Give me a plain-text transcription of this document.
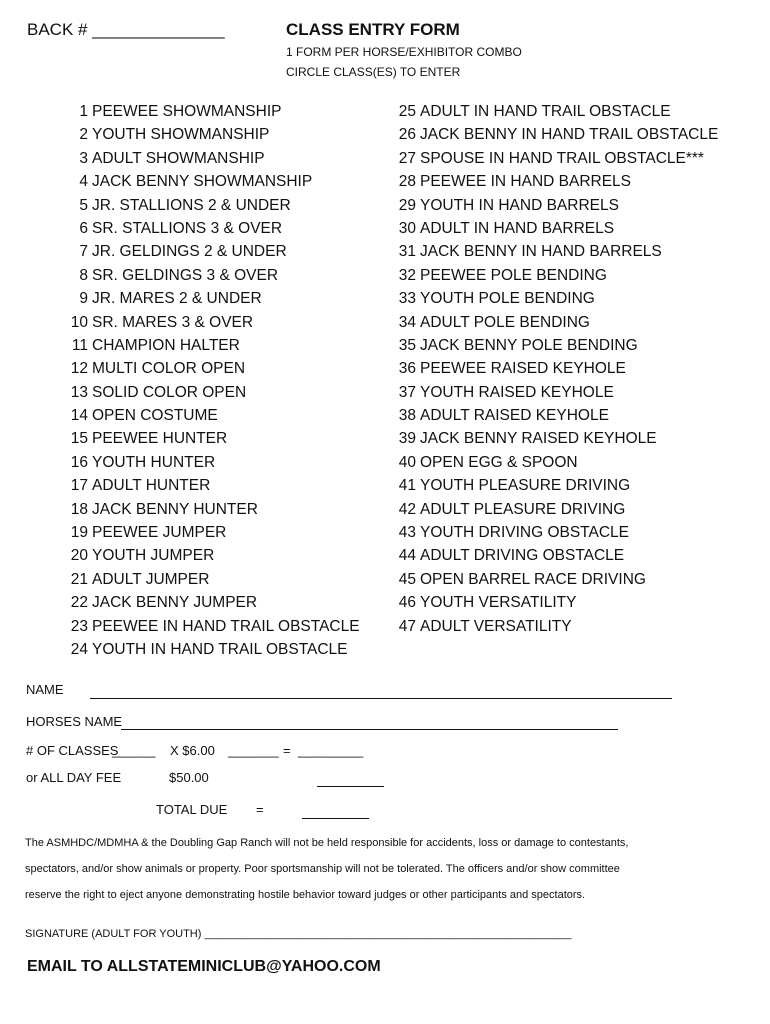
BACK # ______________	CLASS ENTRY FORM
1 FORM PER HORSE/EXHIBITOR COMBO
CIRCLE CLASS(ES) TO ENTER
1 PEEWEE SHOWMANSHIP
2 YOUTH SHOWMANSHIP
3 ADULT SHOWMANSHIP
4 JACK BENNY SHOWMANSHIP
5 JR. STALLIONS 2 & UNDER
6 SR. STALLIONS 3 & OVER
7 JR. GELDINGS 2 & UNDER
8 SR. GELDINGS 3 & OVER
9 JR. MARES 2 & UNDER
10 SR. MARES 3 & OVER
11 CHAMPION HALTER
12 MULTI COLOR OPEN
13 SOLID COLOR OPEN
14 OPEN COSTUME
15 PEEWEE HUNTER
16 YOUTH HUNTER
17 ADULT HUNTER
18 JACK BENNY HUNTER
19 PEEWEE JUMPER
20 YOUTH JUMPER
21 ADULT JUMPER
22 JACK BENNY JUMPER
23 PEEWEE IN HAND TRAIL OBSTACLE
24 YOUTH IN HAND TRAIL OBSTACLE
25 ADULT IN HAND TRAIL OBSTACLE
26 JACK BENNY IN HAND TRAIL OBSTACLE
27 SPOUSE IN HAND TRAIL OBSTACLE***
28 PEEWEE IN HAND BARRELS
29 YOUTH IN HAND BARRELS
30 ADULT IN HAND BARRELS
31 JACK BENNY IN HAND BARRELS
32 PEEWEE POLE BENDING
33 YOUTH POLE BENDING
34 ADULT POLE BENDING
35 JACK BENNY POLE BENDING
36 PEEWEE RAISED KEYHOLE
37 YOUTH RAISED KEYHOLE
38 ADULT RAISED KEYHOLE
39 JACK BENNY RAISED KEYHOLE
40 OPEN EGG & SPOON
41 YOUTH PLEASURE DRIVING
42 ADULT PLEASURE DRIVING
43 YOUTH DRIVING OBSTACLE
44 ADULT DRIVING OBSTACLE
45 OPEN BARREL RACE DRIVING
46 YOUTH VERSATILITY
47 ADULT VERSATILITY
NAME
HORSES NAME
# OF CLASSES
______ X $6.00 _______ = _________
or ALL DAY FEE	$50.00
TOTAL DUE =
The ASMHDC/MDMHA & the Doubling Gap Ranch will not be held responsible for accidents, loss or damage to contestants,
spectators, and/or show animals or property. Poor sportsmanship will not be tolerated. The officers and/or show committee
reserve the right to eject anyone demonstrating hostile behavior toward judges or other participants and spectators.
SIGNATURE (ADULT FOR YOUTH) ____________________________________________________________
EMAIL TO ALLSTATEMINICLUB@YAHOO.COM
